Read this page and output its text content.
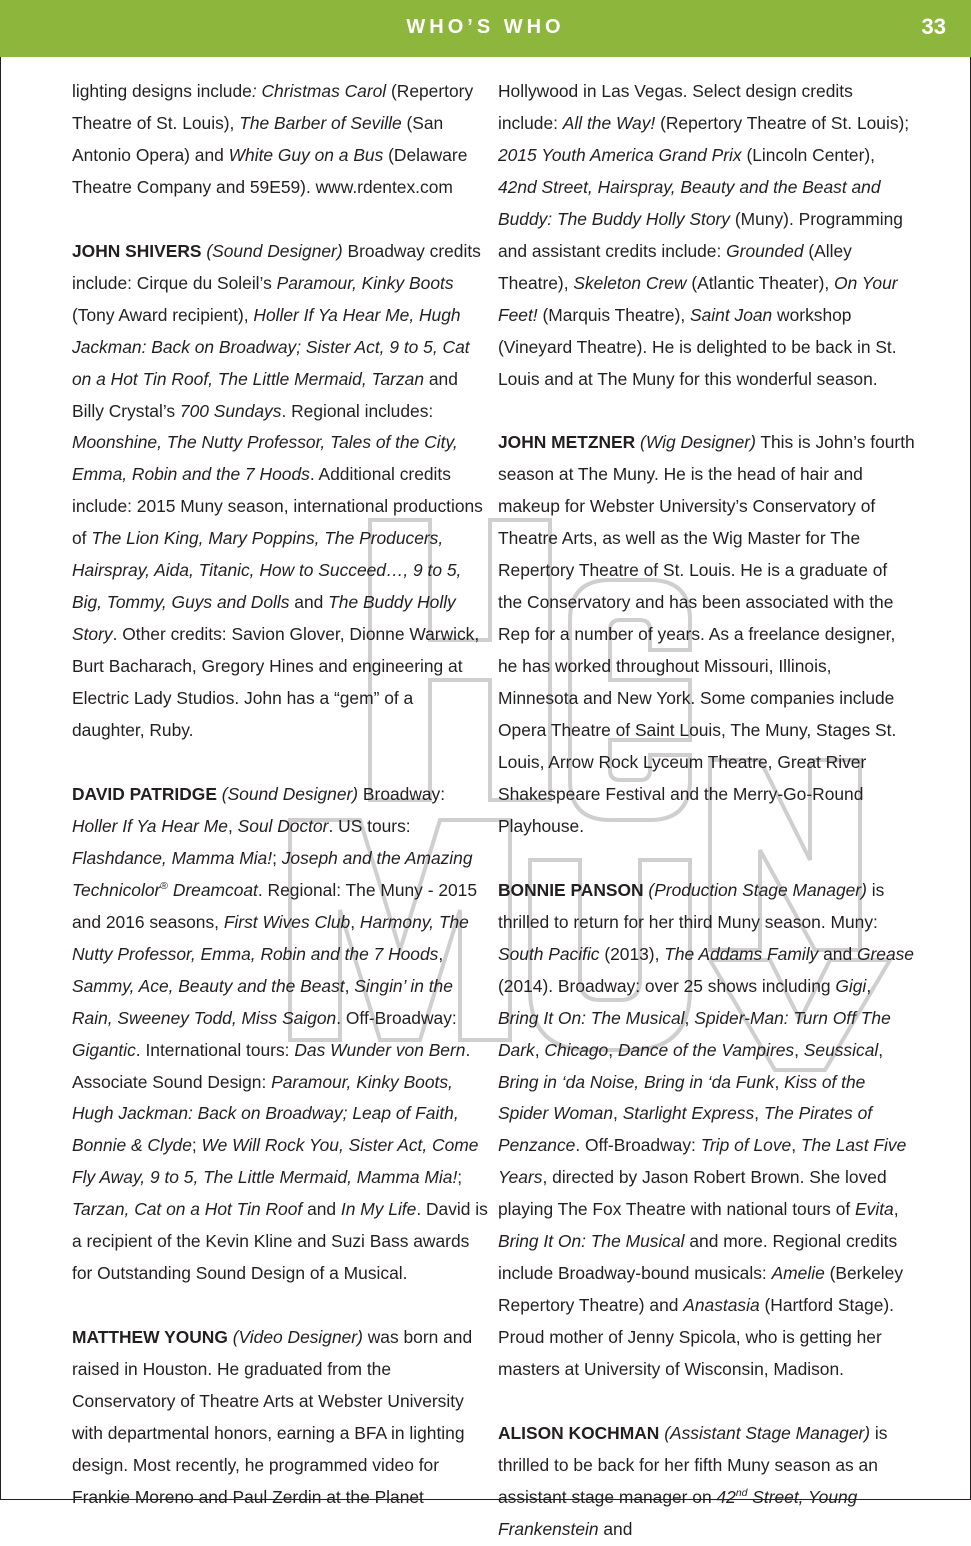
WHO’S WHO	33

lighting designs include: Christmas Carol (Repertory Theatre of St. Louis), The Barber of Seville (San Antonio Opera) and White Guy on a Bus (Delaware Theatre Company and 59E59). www.rdentex.com

JOHN SHIVERS (Sound Designer) Broadway credits include: Cirque du Soleil’s Paramour, Kinky Boots (Tony Award recipient), Holler If Ya Hear Me, Hugh Jackman: Back on Broadway; Sister Act, 9 to 5, Cat on a Hot Tin Roof, The Little Mermaid, Tarzan and Billy Crystal’s 700 Sundays. Regional includes: Moonshine, The Nutty Professor, Tales of the City, Emma, Robin and the 7 Hoods. Additional credits include: 2015 Muny season, international productions of The Lion King, Mary Poppins, The Producers, Hairspray, Aida, Titanic, How to Succeed…, 9 to 5, Big, Tommy, Guys and Dolls and The Buddy Holly Story. Other credits: Savion Glover, Dionne Warwick, Burt Bacharach, Gregory Hines and engineering at Electric Lady Studios. John has a “gem” of a daughter, Ruby.

DAVID PATRIDGE (Sound Designer) Broadway: Holler If Ya Hear Me, Soul Doctor. US tours: Flashdance, Mamma Mia!; Joseph and the Amazing Technicolor® Dreamcoat. Regional: The Muny - 2015 and 2016 seasons, First Wives Club, Harmony, The Nutty Professor, Emma, Robin and the 7 Hoods, Sammy, Ace, Beauty and the Beast, Singin’ in the Rain, Sweeney Todd, Miss Saigon. Off-Broadway: Gigantic. International tours: Das Wunder von Bern. Associate Sound Design: Paramour, Kinky Boots, Hugh Jackman: Back on Broadway; Leap of Faith, Bonnie & Clyde; We Will Rock You, Sister Act, Come Fly Away, 9 to 5, The Little Mermaid, Mamma Mia!; Tarzan, Cat on a Hot Tin Roof and In My Life. David is a recipient of the Kevin Kline and Suzi Bass awards for Outstanding Sound Design of a Musical.

MATTHEW YOUNG (Video Designer) was born and raised in Houston. He graduated from the Conservatory of Theatre Arts at Webster University with departmental honors, earning a BFA in lighting design. Most recently, he programmed video for Frankie Moreno and Paul Zerdin at the Planet

Hollywood in Las Vegas. Select design credits include: All the Way! (Repertory Theatre of St. Louis); 2015 Youth America Grand Prix (Lincoln Center), 42nd Street, Hairspray, Beauty and the Beast and Buddy: The Buddy Holly Story (Muny). Programming and assistant credits include: Grounded (Alley Theatre), Skeleton Crew (Atlantic Theater), On Your Feet! (Marquis Theatre), Saint Joan workshop (Vineyard Theatre). He is delighted to be back in St. Louis and at The Muny for this wonderful season.

JOHN METZNER (Wig Designer) This is John’s fourth season at The Muny. He is the head of hair and makeup for Webster University’s Conservatory of Theatre Arts, as well as the Wig Master for The Repertory Theatre of St. Louis. He is a graduate of the Conservatory and has been associated with the Rep for a number of years. As a freelance designer, he has worked throughout Missouri, Illinois, Minnesota and New York. Some companies include Opera Theatre of Saint Louis, The Muny, Stages St. Louis, Arrow Rock Lyceum Theatre, Great River Shakespeare Festival and the Merry-Go-Round Playhouse.

BONNIE PANSON (Production Stage Manager) is thrilled to return for her third Muny season. Muny: South Pacific (2013), The Addams Family and Grease (2014). Broadway: over 25 shows including Gigi, Bring It On: The Musical, Spider-Man: Turn Off The Dark, Chicago, Dance of the Vampires, Seussical, Bring in ‘da Noise, Bring in ‘da Funk, Kiss of the Spider Woman, Starlight Express, The Pirates of Penzance. Off-Broadway: Trip of Love, The Last Five Years, directed by Jason Robert Brown. She loved playing The Fox Theatre with national tours of Evita, Bring It On: The Musical and more. Regional credits include Broadway-bound musicals: Amelie (Berkeley Repertory Theatre) and Anastasia (Hartford Stage). Proud mother of Jenny Spicola, who is getting her masters at University of Wisconsin, Madison.

ALISON KOCHMAN (Assistant Stage Manager) is thrilled to be back for her fifth Muny season as an assistant stage manager on 42nd Street, Young Frankenstein and
